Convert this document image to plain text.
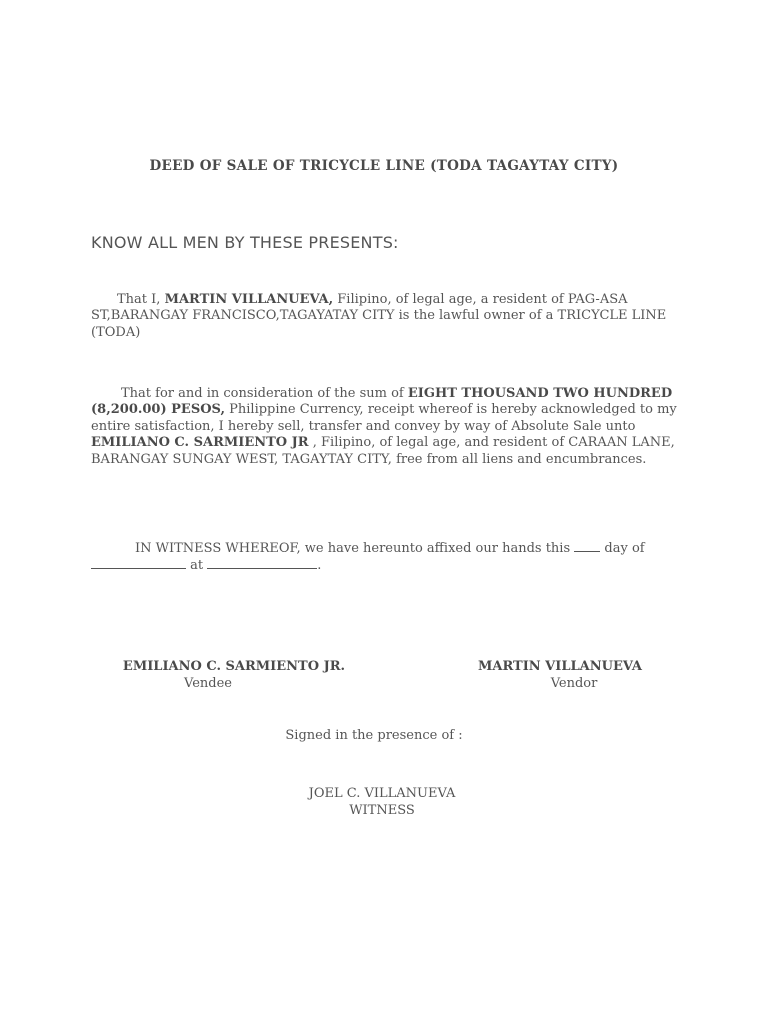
DEED OF SALE OF TRICYCLE LINE (TODA TAGAYTAY CITY)
KNOW ALL MEN BY THESE PRESENTS:
That I, MARTIN VILLANUEVA, Filipino, of legal age, a resident of PAG-ASA ST,BARANGAY FRANCISCO,TAGAYATAY CITY is the lawful owner of a TRICYCLE LINE (TODA)
That for and in consideration of the sum of EIGHT THOUSAND TWO HUNDRED (8,200.00) PESOS, Philippine Currency, receipt whereof is hereby acknowledged to my entire satisfaction, I hereby sell, transfer and convey by way of Absolute Sale unto EMILIANO C. SARMIENTO JR , Filipino, of legal age, and resident of CARAAN LANE, BARANGAY SUNGAY WEST, TAGAYTAY CITY, free from all liens and encumbrances.
IN WITNESS WHEREOF, we have hereunto affixed our hands this  day of
at	.
EMILIANO C. SARMIENTO JR.
Vendee
MARTIN VILLANUEVA
Vendor
Signed in the presence of :
JOEL C. VILLANUEVA
WITNESS
